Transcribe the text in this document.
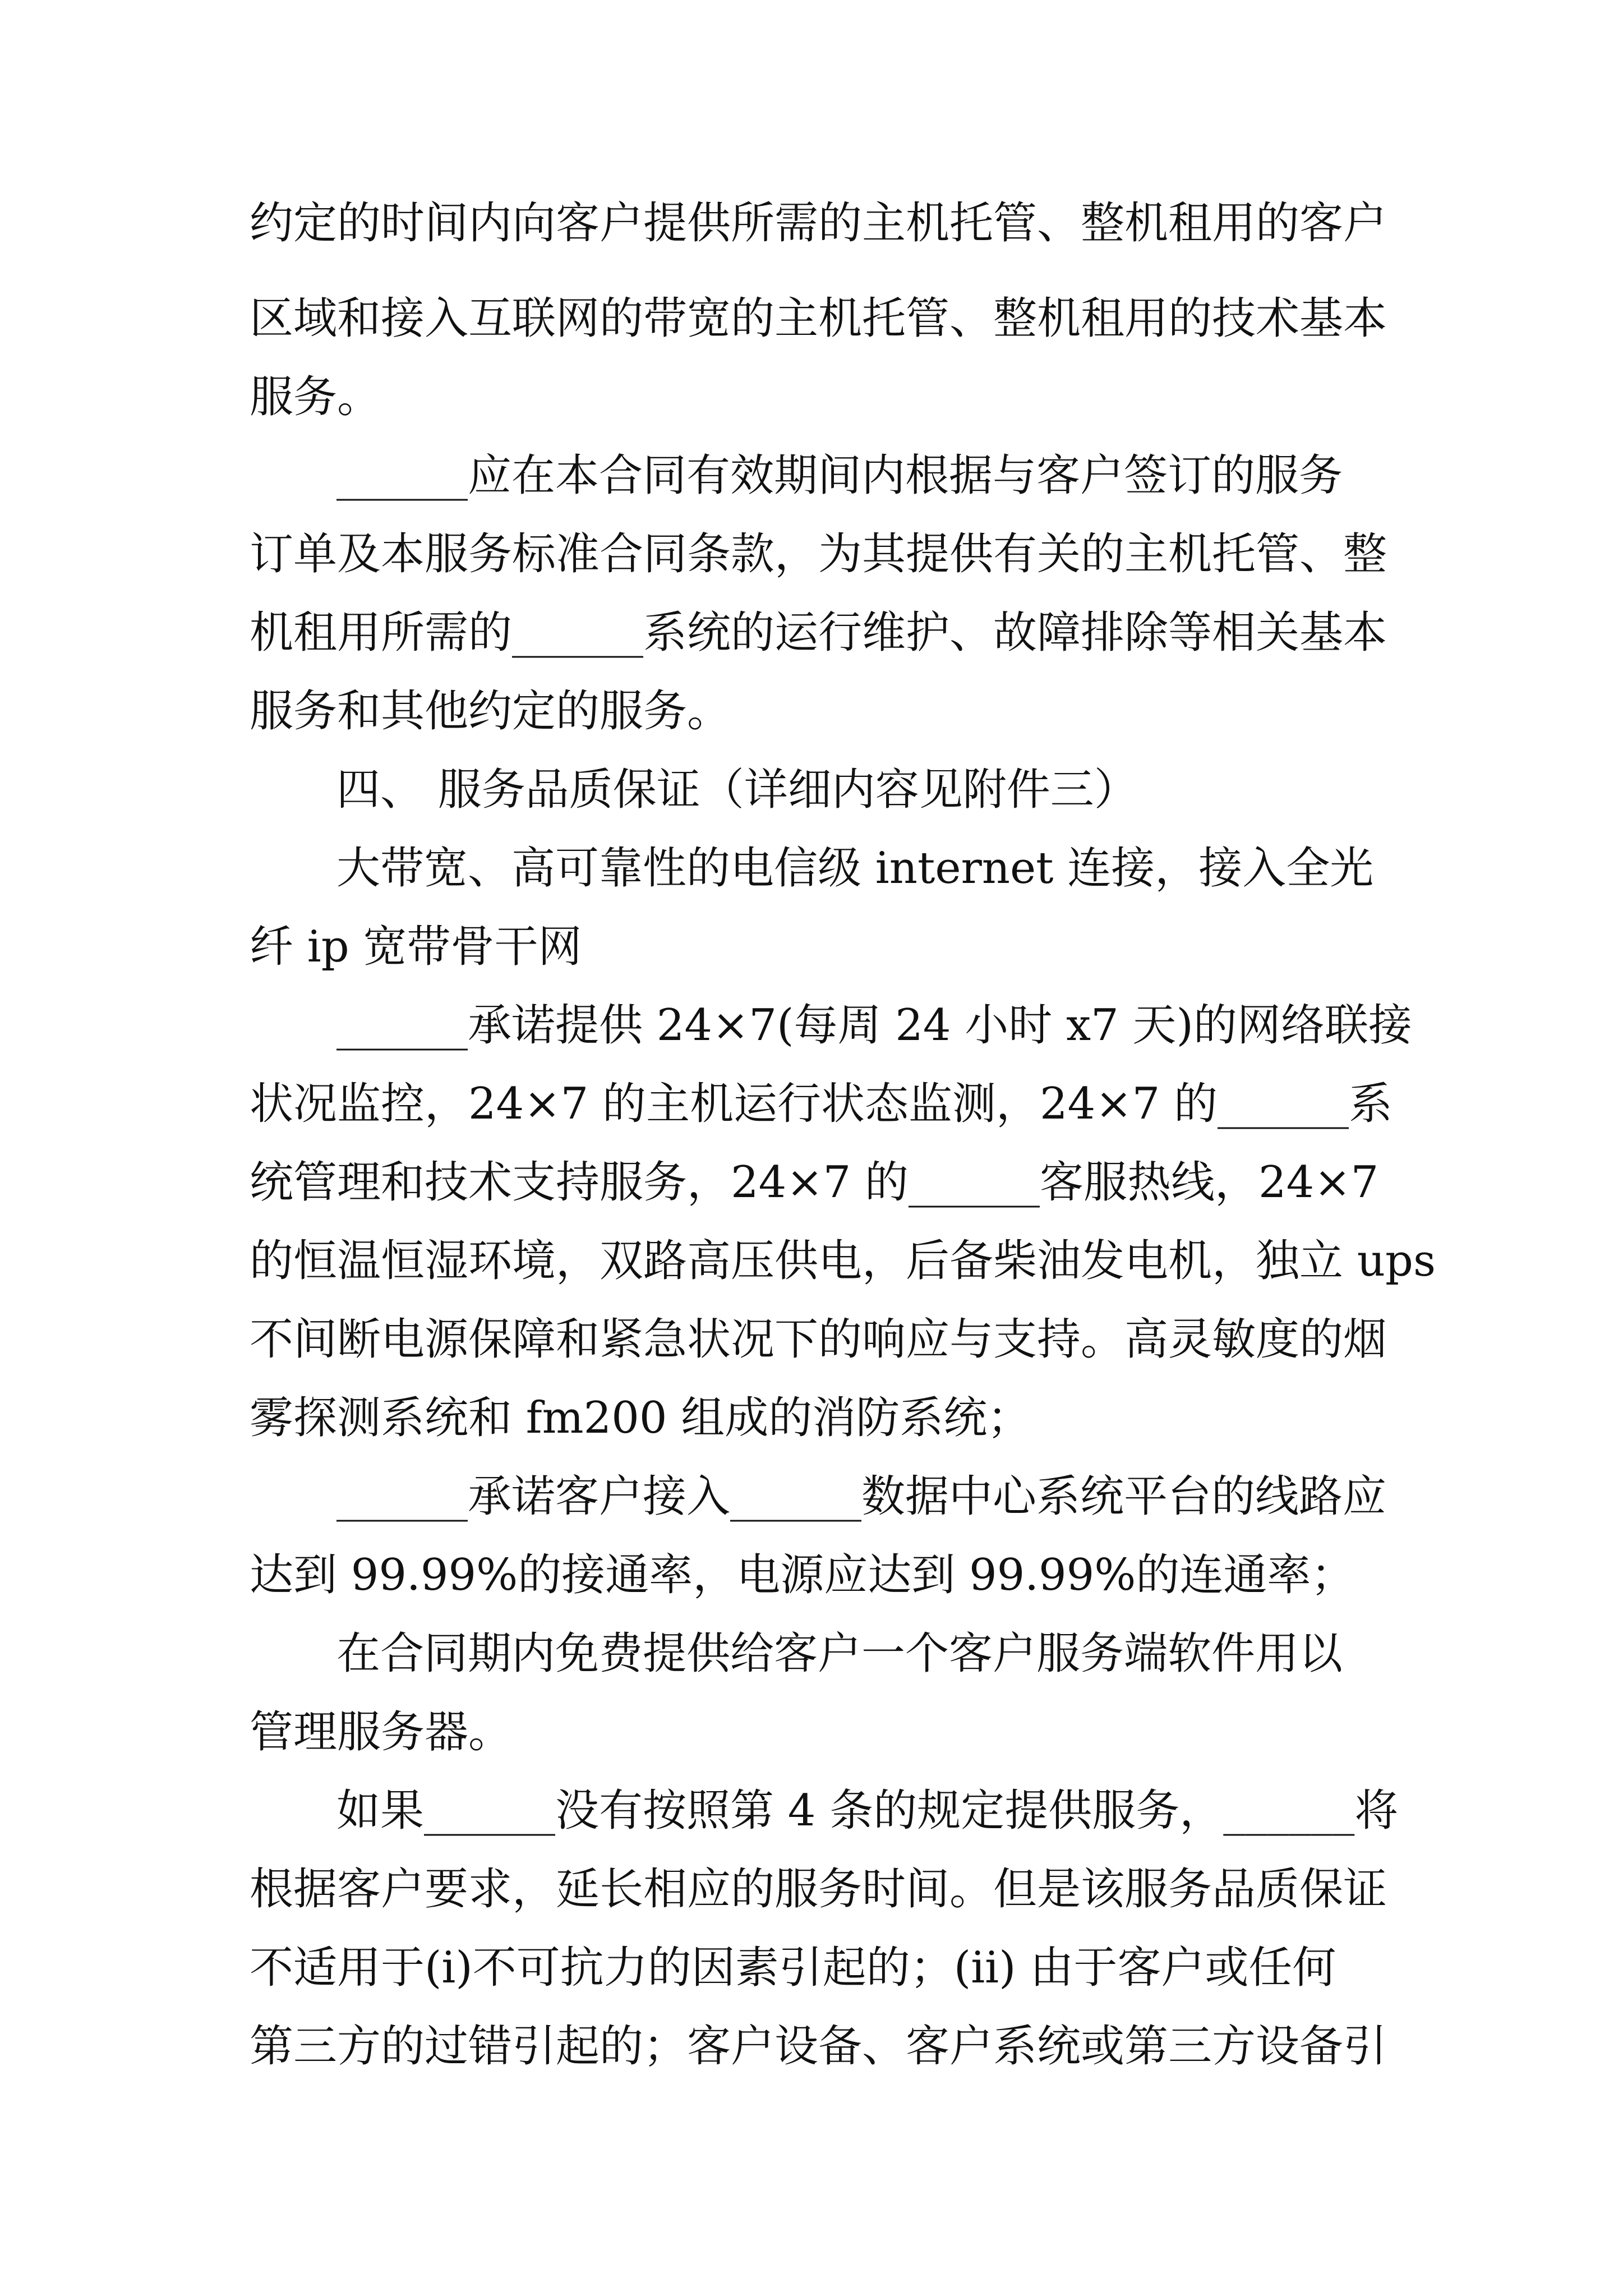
约定的时间内向客户提供所需的主机托管、整机租用的客户

区域和接入互联网的带宽的主机托管、整机租用的技术基本

服务。

______应在本合同有效期间内根据与客户签订的服务

订单及本服务标准合同条款，为其提供有关的主机托管、整

机租用所需的______系统的运行维护、故障排除等相关基本

服务和其他约定的服务。

四、 服务品质保证（详细内容见附件三）

大带宽、高可靠性的电信级 internet 连接，接入全光

纤 ip 宽带骨干网

______承诺提供 24×7(每周 24 小时 x7 天)的网络联接

状况监控，24×7 的主机运行状态监测，24×7 的______系

统管理和技术支持服务，24×7 的______客服热线，24×7

的恒温恒湿环境，双路高压供电，后备柴油发电机，独立 ups

不间断电源保障和紧急状况下的响应与支持。高灵敏度的烟

雾探测系统和 fm200 组成的消防系统；

______承诺客户接入______数据中心系统平台的线路应

达到 99.99%的接通率，电源应达到 99.99%的连通率；

在合同期内免费提供给客户一个客户服务端软件用以

管理服务器。

如果______没有按照第 4 条的规定提供服务，______将

根据客户要求，延长相应的服务时间。但是该服务品质保证

不适用于(i)不可抗力的因素引起的；(ii) 由于客户或任何

第三方的过错引起的；客户设备、客户系统或第三方设备引
